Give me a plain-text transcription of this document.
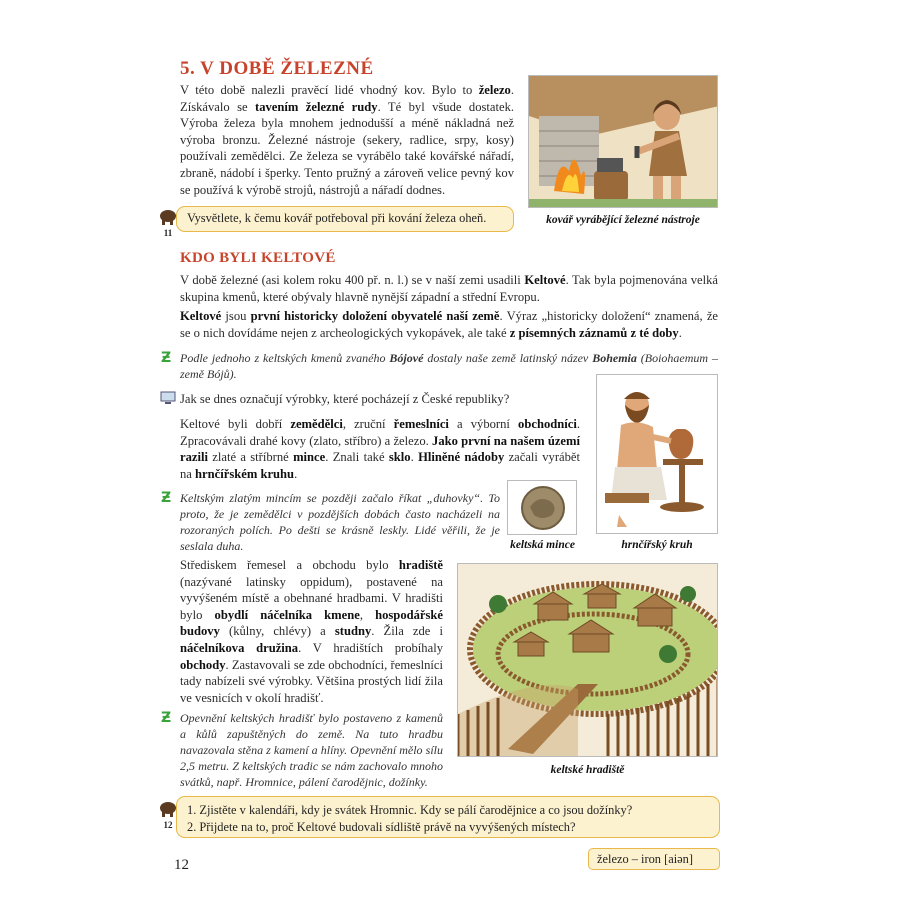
5. V DOBĚ ŽELEZNÉ
V této době nalezli pravěcí lidé vhodný kov. Bylo to železo. Získávalo se tavením železné rudy. Té byl všude dostatek. Výroba železa byla mnohem jednodušší a méně nákladná než výroba bronzu. Železné nástroje (sekery, radlice, srpy, kosy) používali zemědělci. Ze železa se vyrábělo také kovářské nářadí, zbraně, nádobí i šperky. Tento pružný a zároveň velice pevný kov se používá k výrobě strojů, nástrojů a nářadí dodnes.
kovář vyrábějící železné nástroje
11
Vysvětlete, k čemu kovář potřeboval při kování železa oheň.
KDO BYLI KELTOVÉ
V době železné (asi kolem roku 400 př. n. l.) se v naší zemi usadili Keltové. Tak byla pojmenována velká skupina kmenů, které obývaly hlavně nynější západní a střední Evropu.
Keltové jsou první historicky doložení obyvatelé naší země. Výraz „historicky doložení“ znamená, že se o nich dovídáme nejen z archeologických vykopávek, ale také z písemných záznamů z té doby.
Ƶ Podle jednoho z keltských kmenů zvaného Bójové dostaly naše země latinský název Bohemia (Boiohaemum – země Bójů).
Jak se dnes označují výrobky, které pocházejí z České republiky?
Keltové byli dobří zemědělci, zruční řemeslníci a výborní obchodníci. Zpracovávali drahé kovy (zlato, stříbro) a železo. Jako první na našem území razili zlaté a stříbrné mince. Znali také sklo. Hliněné nádoby začali vyrábět na hrnčířském kruhu.
Ƶ Keltským zlatým mincím se později začalo říkat „duhovky“. To proto, že je zemědělci v pozdějších dobách často nacházeli na rozoraných polích. Po dešti se krásně leskly. Lidé věřili, že je seslala duha.	keltská mince	hrnčířský kruh
Střediskem řemesel a obchodu bylo hradiště (nazývané latinsky oppidum), postavené na vyvýšeném místě a obehnané hradbami. V hradišti bylo obydlí náčelníka kmene, hospodářské budovy (kůlny, chlévy) a studny. Žila zde i náčelníkova družina. V hradištích probíhaly obchody. Zastavovali se zde obchodníci, řemeslníci tady nabízeli své výrobky. Většina prostých lidí žila ve vesnicích v okolí hradišť.
keltské hradiště
Ƶ Opevnění keltských hradišť bylo postaveno z kamenů a kůlů zapuštěných do země. Na tuto hradbu navazovala stěna z kamení a hlíny. Opevnění mělo sílu 2,5 metru. Z keltských tradic se nám zachovalo mnoho svátků, např. Hromnice, pálení čarodějnic, dožínky.
12
1. Zjistěte v kalendáři, kdy je svátek Hromnic. Kdy se pálí čarodějnice a co jsou dožínky?
2. Přijdete na to, proč Keltové budovali sídliště právě na vyvýšených místech?
12	železo – iron [aiən]
